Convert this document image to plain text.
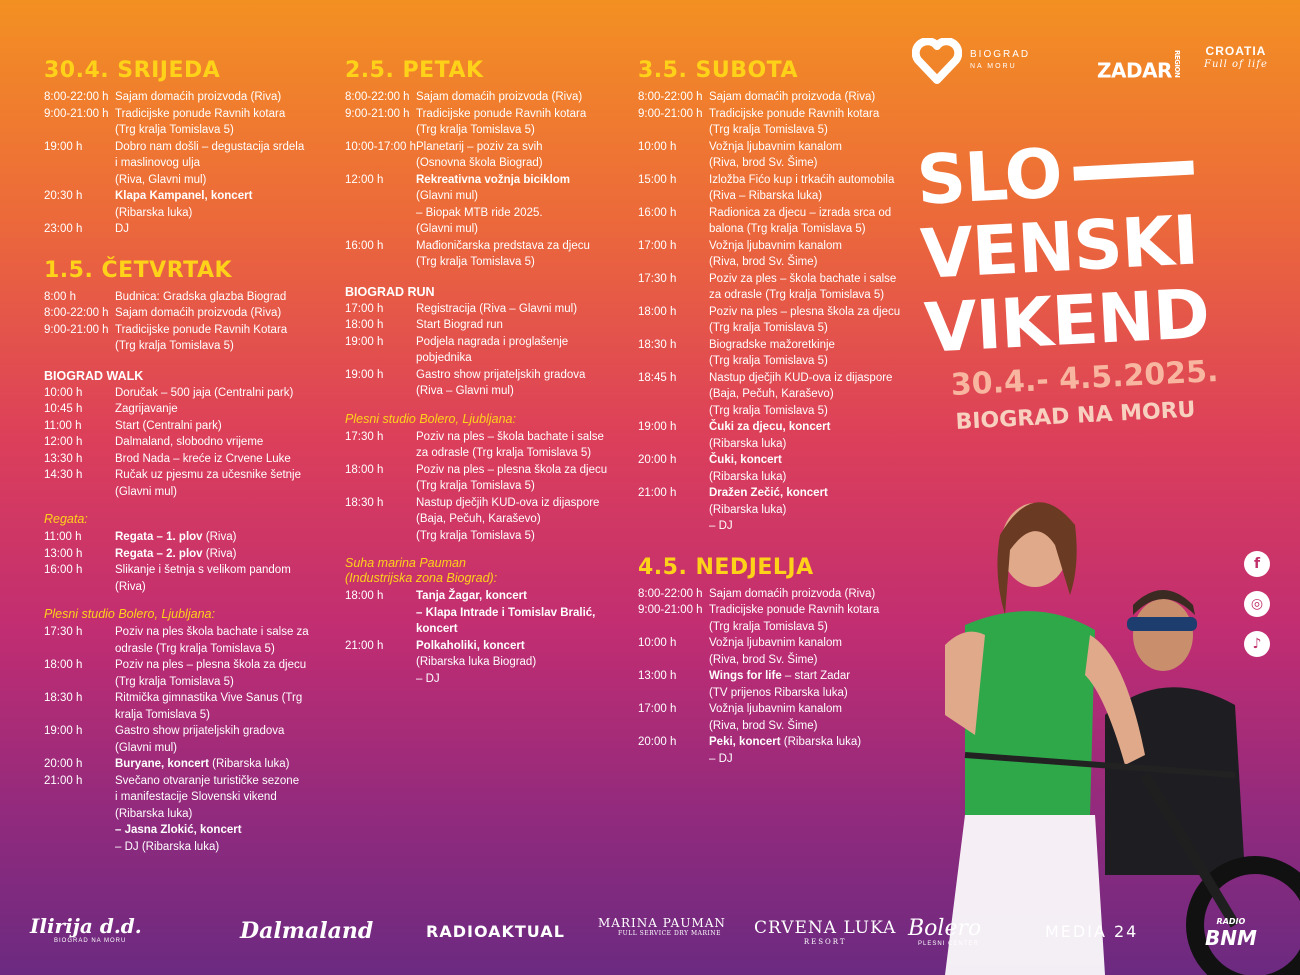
30.4. SRIJEDA
8:00-22:00 h Sajam domaćih proizvoda (Riva)
9:00-21:00 h Tradicijske ponude Ravnih kotara
(Trg kralja Tomislava 5)
19:00 h	Dobro nam došli – degustacija srdela
i maslinovog ulja
(Riva, Glavni mul)
20:30 h	Klapa Kampanel, koncert
(Ribarska luka)
23:00 h	DJ
1.5. ČETVRTAK
8:00 h	Budnica: Gradska glazba Biograd
8:00-22:00 h Sajam domaćih proizvoda (Riva)
9:00-21:00 h Tradicijske ponude Ravnih Kotara
(Trg kralja Tomislava 5)
BIOGRAD WALK
10:00 h	Doručak – 500 jaja (Centralni park)
10:45 h	Zagrijavanje
11:00 h	Start (Centralni park)
12:00 h	Dalmaland, slobodno vrijeme
13:30 h	Brod Nada – kreće iz Crvene Luke
14:30 h	Ručak uz pjesmu za učesnike šetnje
(Glavni mul)
Regata:
11:00 h	Regata – 1. plov (Riva)
13:00 h	Regata – 2. plov (Riva)
16:00 h	Slikanje i šetnja s velikom pandom
(Riva)
Plesni studio Bolero, Ljubljana:
17:30 h	Poziv na ples škola bachate i salse za
odrasle (Trg kralja Tomislava 5)
18:00 h	Poziv na ples – plesna škola za djecu
(Trg kralja Tomislava 5)
18:30 h	Ritmička gimnastika Vive Sanus (Trg
kralja Tomislava 5)
19:00 h	Gastro show prijateljskih gradova
(Glavni mul)
20:00 h	Buryane, koncert (Ribarska luka)
21:00 h	Svečano otvaranje turističke sezone
i manifestacije Slovenski vikend
(Ribarska luka)
– Jasna Zlokić, koncert
– DJ (Ribarska luka)
2.5. PETAK
8:00-22:00 h Sajam domaćih proizvoda (Riva)
9:00-21:00 h Tradicijske ponude Ravnih kotara
(Trg kralja Tomislava 5)
10:00-17:00 h Planetarij – poziv za svih
(Osnovna škola Biograd)
12:00 h	Rekreativna vožnja biciklom
(Glavni mul)
– Biopak MTB ride 2025.
(Glavni mul)
16:00 h	Mađioničarska predstava za djecu
(Trg kralja Tomislava 5)
BIOGRAD RUN
17:00 h	Registracija (Riva – Glavni mul)
18:00 h	Start Biograd run
19:00 h	Podjela nagrada i proglašenje
pobjednika
19:00 h	Gastro show prijateljskih gradova
(Riva – Glavni mul)
Plesni studio Bolero, Ljubljana:
17:30 h	Poziv na ples – škola bachate i salse
za odrasle (Trg kralja Tomislava 5)
18:00 h	Poziv na ples – plesna škola za djecu
(Trg kralja Tomislava 5)
18:30 h	Nastup dječjih KUD-ova iz dijaspore
(Baja, Pečuh, Karaševo)
(Trg kralja Tomislava 5)
Suha marina Pauman
(Industrijska zona Biograd):
18:00 h	Tanja Žagar, koncert
– Klapa Intrade i Tomislav Bralić,
koncert
21:00 h	Polkaholiki, koncert
(Ribarska luka Biograd)
– DJ
3.5. SUBOTA
8:00-22:00 h Sajam domaćih proizvoda (Riva)
9:00-21:00 h Tradicijske ponude Ravnih kotara
(Trg kralja Tomislava 5)
10:00 h	Vožnja ljubavnim kanalom
(Riva, brod Sv. Šime)
15:00 h	Izložba Fićo kup i trkaćih automobila
(Riva – Ribarska luka)
16:00 h	Radionica za djecu – izrada srca od
balona (Trg kralja Tomislava 5)
17:00 h	Vožnja ljubavnim kanalom
(Riva, brod Sv. Šime)
17:30 h	Poziv za ples – škola bachate i salse
za odrasle (Trg kralja Tomislava 5)
18:00 h	Poziv na ples – plesna škola za djecu
(Trg kralja Tomislava 5)
18:30 h	Biogradske mažoretkinje
(Trg kralja Tomislava 5)
18:45 h	Nastup dječjih KUD-ova iz dijaspore
(Baja, Pečuh, Karaševo)
(Trg kralja Tomislava 5)
19:00 h	Čuki za djecu, koncert
(Ribarska luka)
20:00 h	Čuki, koncert
(Ribarska luka)
21:00 h	Dražen Zečić, koncert
(Ribarska luka)
– DJ
4.5. NEDJELJA
8:00-22:00 h Sajam domaćih proizvoda (Riva)
9:00-21:00 h Tradicijske ponude Ravnih kotara
(Trg kralja Tomislava 5)
10:00 h	Vožnja ljubavnim kanalom
(Riva, brod Sv. Šime)
13:00 h	Wings for life – start Zadar
(TV prijenos Ribarska luka)
17:00 h	Vožnja ljubavnim kanalom
(Riva, brod Sv. Šime)
20:00 h	Peki, koncert (Ribarska luka)
– DJ
BIOGRAD
NA MORU	ZADARREGION CROATIA
Full of life
SLO
VENSKI
VIKEND
30.4.- 4.5.2025.
BIOGRAD NA MORU
f
◎
♪
Ilirija d.d.
BIOGRAD NA MORU	Dalmaland	RADIOAKTUAL	MARINA PAUMAN
FULL SERVICE DRY MARINE CRVENA LUKA
RESORT
Bolero
PLESNI CENTER
MEDIA 24
RADIO
BNM
